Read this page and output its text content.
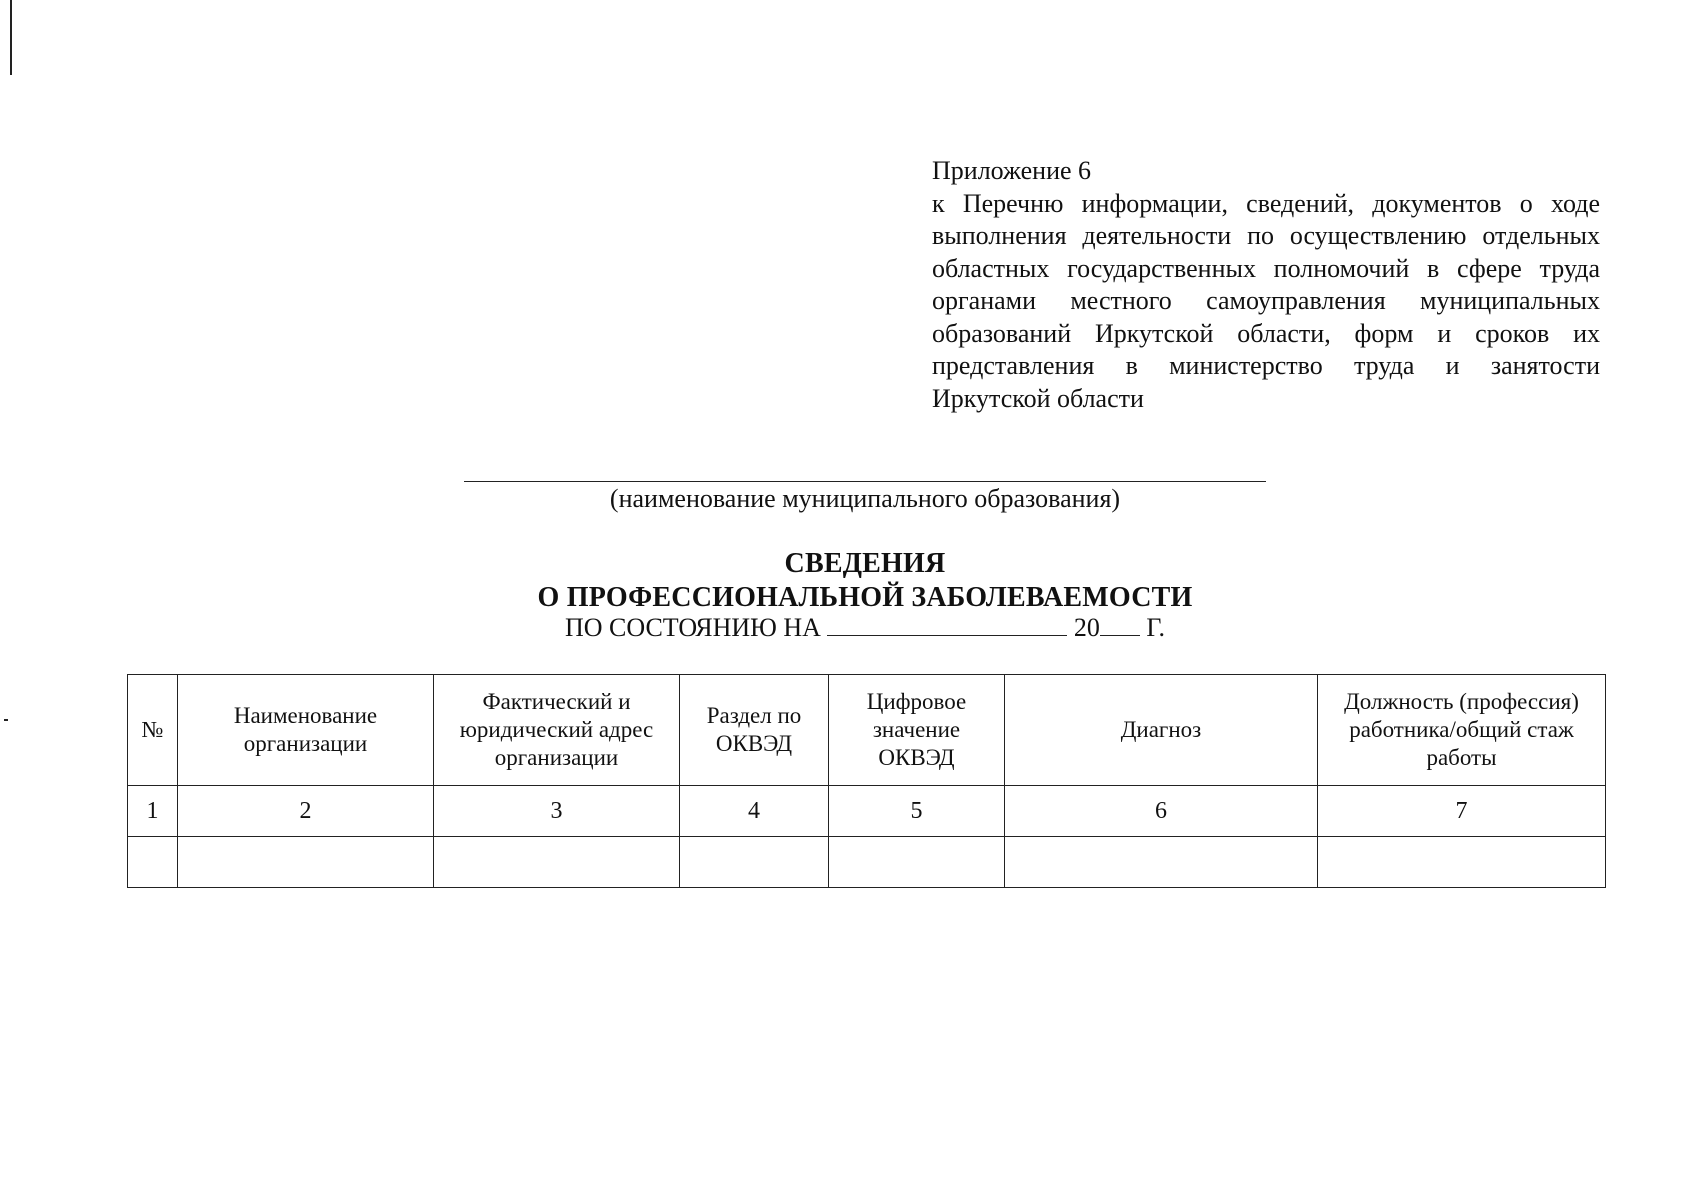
Приложение 6
к Перечню информации, сведений, документов о ходе выполнения деятельности по осуществлению отдельных областных государственных полномочий в сфере труда органами местного самоуправления муниципальных образований Иркутской области, форм и сроков их представления в министерство труда и занятости Иркутской области
(наименование муниципального образования)
СВЕДЕНИЯ
О ПРОФЕССИОНАЛЬНОЙ ЗАБОЛЕВАЕМОСТИ
ПО СОСТОЯНИЮ НА	20 Г.
№	Наименование организации	Фактический и юридический адрес организации	Раздел по ОКВЭД	Цифровое значение ОКВЭД	Диагноз	Должность (профессия) работника/общий стаж работы
1	2	3	4	5	6	7
